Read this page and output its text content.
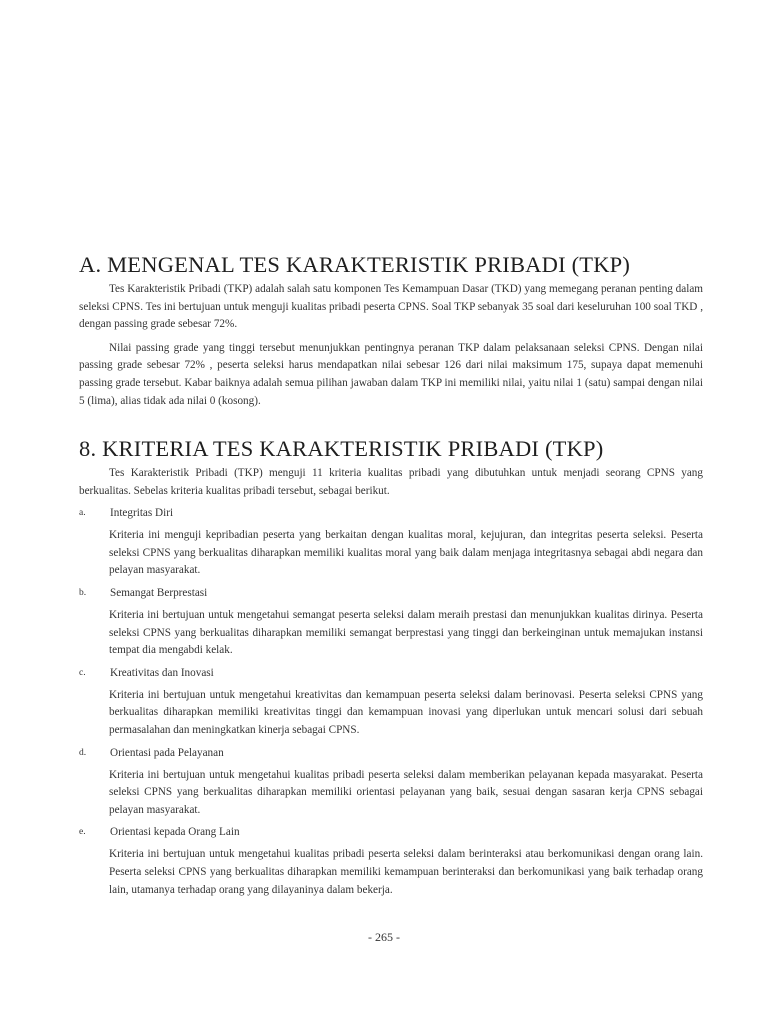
A. MENGENAL TES KARAKTERISTIK PRIBADI (TKP)

Tes Karakteristik Pribadi (TKP) adalah salah satu komponen Tes Kemampuan Dasar (TKD) yang memegang peranan penting dalam seleksi CPNS. Tes ini bertujuan untuk menguji kualitas pribadi peserta CPNS. Soal TKP sebanyak 35 soal dari keseluruhan 100 soal TKD , dengan passing grade sebesar 72%.

Nilai passing grade yang tinggi tersebut menunjukkan pentingnya peranan TKP dalam pelaksanaan seleksi CPNS. Dengan nilai passing grade sebesar 72% , peserta seleksi harus mendapatkan nilai sebesar 126 dari nilai maksimum 175, supaya dapat memenuhi passing grade tersebut. Kabar baiknya adalah semua pilihan jawaban dalam TKP ini memiliki nilai, yaitu nilai 1 (satu) sampai dengan nilai 5 (lima), alias tidak ada nilai 0 (kosong).

8. KRITERIA TES KARAKTERISTIK PRIBADI (TKP)

Tes Karakteristik Pribadi (TKP) menguji 11 kriteria kualitas pribadi yang dibutuhkan untuk menjadi seorang CPNS yang berkualitas. Sebelas kriteria kualitas pribadi tersebut, sebagai berikut.

a. Integritas Diri
Kriteria ini menguji kepribadian peserta yang berkaitan dengan kualitas moral, kejujuran, dan integritas peserta seleksi. Peserta seleksi CPNS yang berkualitas diharapkan memiliki kualitas moral yang baik dalam menjaga integritasnya sebagai abdi negara dan pelayan masyarakat.
b. Semangat Berprestasi
Kriteria ini bertujuan untuk mengetahui semangat peserta seleksi dalam meraih prestasi dan menunjukkan kualitas dirinya. Peserta seleksi CPNS yang berkualitas diharapkan memiliki semangat berprestasi yang tinggi dan berkeinginan untuk memajukan instansi tempat dia mengabdi kelak.
c. Kreativitas dan Inovasi
Kriteria ini bertujuan untuk mengetahui kreativitas dan kemampuan peserta seleksi dalam berinovasi. Peserta seleksi CPNS yang berkualitas diharapkan memiliki kreativitas tinggi dan kemampuan inovasi yang diperlukan untuk mencari solusi dari sebuah permasalahan dan meningkatkan kinerja sebagai CPNS.
d. Orientasi pada Pelayanan
Kriteria ini bertujuan untuk mengetahui kualitas pribadi peserta seleksi dalam memberikan pelayanan kepada masyarakat. Peserta seleksi CPNS yang berkualitas diharapkan memiliki orientasi pelayanan yang baik, sesuai dengan sasaran kerja CPNS sebagai pelayan masyarakat.
e. Orientasi kepada Orang Lain
Kriteria ini bertujuan untuk mengetahui kualitas pribadi peserta seleksi dalam berinteraksi atau berkomunikasi dengan orang lain. Peserta seleksi CPNS yang berkualitas diharapkan memiliki kemampuan berinteraksi dan berkomunikasi yang baik terhadap orang lain, utamanya terhadap orang yang dilayaninya dalam bekerja.
- 265 -
